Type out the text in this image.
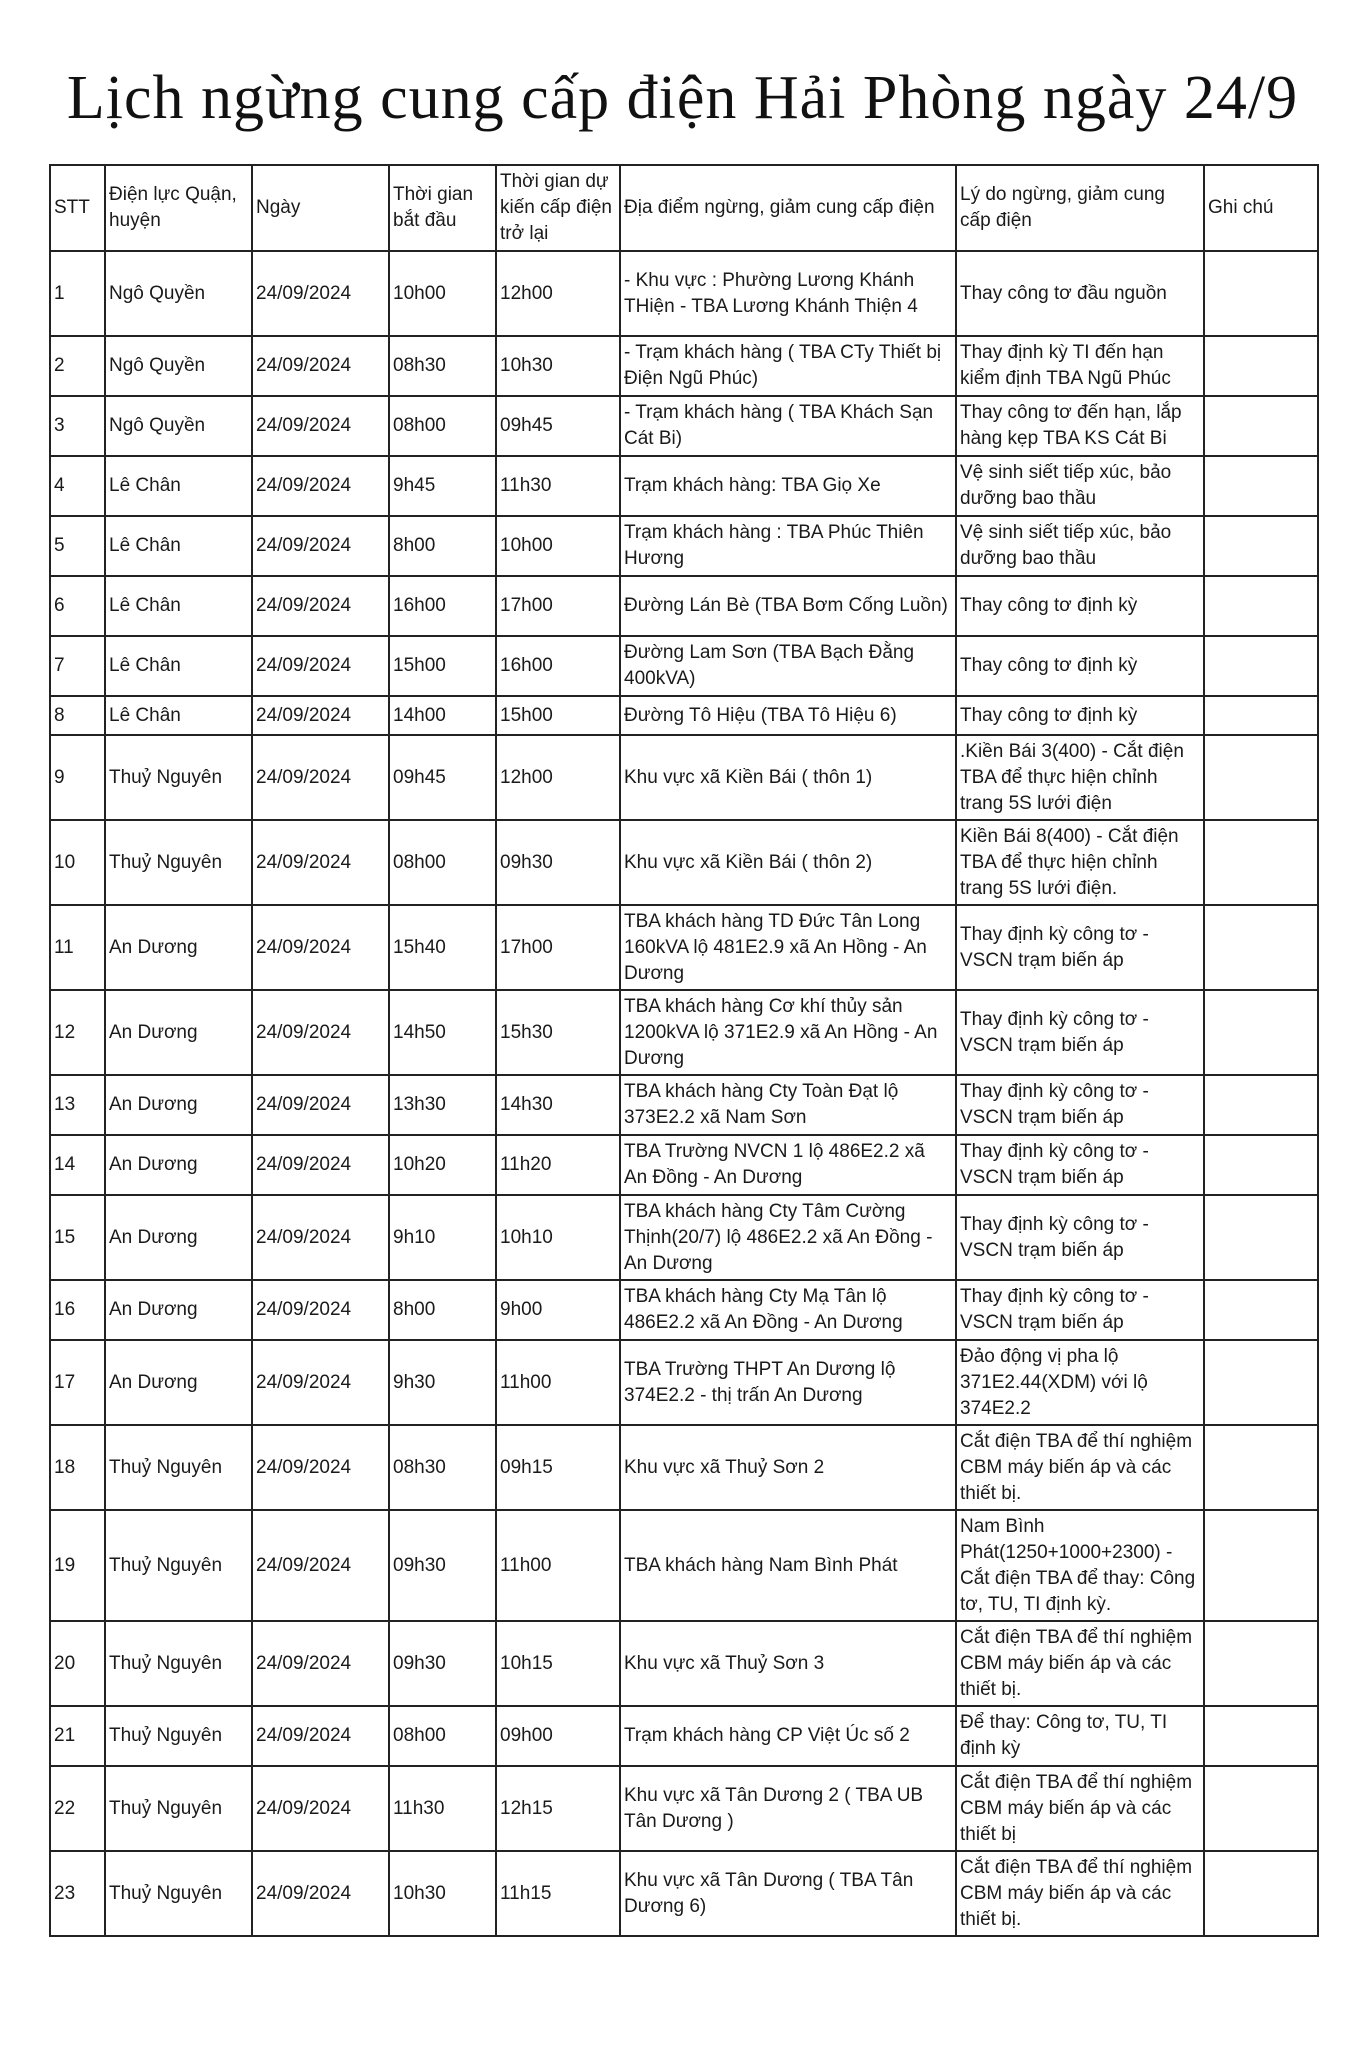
Lịch ngừng cung cấp điện Hải Phòng ngày 24/9
STT	Điện lực Quận, huyện	Ngày	Thời gian bắt đầu	Thời gian dự kiến cấp điện trở lại	Địa điểm ngừng, giảm cung cấp điện	Lý do ngừng, giảm cung cấp điện	Ghi chú
1	Ngô Quyền	24/09/2024	10h00	12h00	- Khu vực : Phường Lương Khánh THiện - TBA Lương Khánh Thiện 4	Thay công tơ đầu nguồn	
2	Ngô Quyền	24/09/2024	08h30	10h30	- Trạm khách hàng ( TBA CTy Thiết bị Điện Ngũ Phúc)	Thay định kỳ TI đến hạn kiểm định TBA Ngũ Phúc	
3	Ngô Quyền	24/09/2024	08h00	09h45	- Trạm khách hàng ( TBA Khách Sạn Cát Bi)	Thay công tơ đến hạn, lắp hàng kẹp TBA KS Cát Bi	
4	Lê Chân	24/09/2024	9h45	11h30	Trạm khách hàng: TBA Giọ Xe	Vệ sinh siết tiếp xúc, bảo dưỡng bao thầu	
5	Lê Chân	24/09/2024	8h00	10h00	Trạm khách hàng : TBA Phúc Thiên Hương	Vệ sinh siết tiếp xúc, bảo dưỡng bao thầu	
6	Lê Chân	24/09/2024	16h00	17h00	Đường Lán Bè (TBA Bơm Cống Luồn)	Thay công tơ định kỳ	
7	Lê Chân	24/09/2024	15h00	16h00	Đường Lam Sơn (TBA Bạch Đằng 400kVA)	Thay công tơ định kỳ	
8	Lê Chân	24/09/2024	14h00	15h00	Đường Tô Hiệu (TBA Tô Hiệu 6)	Thay công tơ định kỳ	
9	Thuỷ Nguyên	24/09/2024	09h45	12h00	Khu vực xã Kiền Bái ( thôn 1)	.Kiền Bái 3(400) - Cắt điện TBA để thực hiện chỉnh trang 5S lưới điện	
10	Thuỷ Nguyên	24/09/2024	08h00	09h30	Khu vực xã Kiền Bái ( thôn 2)	Kiền Bái 8(400) - Cắt điện TBA để thực hiện chỉnh trang 5S lưới điện.	
11	An Dương	24/09/2024	15h40	17h00	TBA khách hàng TD Đức Tân Long 160kVA lộ 481E2.9 xã An Hồng - An Dương	Thay định kỳ công tơ - VSCN trạm biến áp	
12	An Dương	24/09/2024	14h50	15h30	TBA khách hàng Cơ khí thủy sản 1200kVA lộ 371E2.9 xã An Hồng - An Dương	Thay định kỳ công tơ - VSCN trạm biến áp	
13	An Dương	24/09/2024	13h30	14h30	TBA khách hàng Cty Toàn Đạt lộ 373E2.2 xã Nam Sơn	Thay định kỳ công tơ - VSCN trạm biến áp	
14	An Dương	24/09/2024	10h20	11h20	TBA Trường NVCN 1 lộ 486E2.2 xã An Đồng - An Dương	Thay định kỳ công tơ - VSCN trạm biến áp	
15	An Dương	24/09/2024	9h10	10h10	TBA khách hàng Cty Tâm Cường Thịnh(20/7) lộ 486E2.2 xã An Đồng - An Dương	Thay định kỳ công tơ - VSCN trạm biến áp	
16	An Dương	24/09/2024	8h00	9h00	TBA khách hàng Cty Mạ Tân lộ 486E2.2 xã An Đồng - An Dương	Thay định kỳ công tơ - VSCN trạm biến áp	
17	An Dương	24/09/2024	9h30	11h00	TBA Trường THPT An Dương lộ 374E2.2 - thị trấn An Dương	Đảo động vị pha lộ 371E2.44(XDM) với lộ 374E2.2	
18	Thuỷ Nguyên	24/09/2024	08h30	09h15	Khu vực xã Thuỷ Sơn 2	Cắt điện TBA để thí nghiệm CBM máy biến áp và các thiết bị.	
19	Thuỷ Nguyên	24/09/2024	09h30	11h00	TBA khách hàng Nam Bình Phát	Nam Bình Phát(1250+1000+2300) - Cắt điện TBA để thay: Công tơ, TU, TI định kỳ.	
20	Thuỷ Nguyên	24/09/2024	09h30	10h15	Khu vực xã Thuỷ Sơn 3	Cắt điện TBA để thí nghiệm CBM máy biến áp và các thiết bị.	
21	Thuỷ Nguyên	24/09/2024	08h00	09h00	Trạm khách hàng CP Việt Úc số 2	Để thay: Công tơ, TU, TI định kỳ	
22	Thuỷ Nguyên	24/09/2024	11h30	12h15	Khu vực xã Tân Dương 2 ( TBA UB Tân Dương )	Cắt điện TBA để thí nghiệm CBM máy biến áp và các thiết bị	
23	Thuỷ Nguyên	24/09/2024	10h30	11h15	Khu vực xã Tân Dương ( TBA Tân Dương 6)	Cắt điện TBA để thí nghiệm CBM máy biến áp và các thiết bị.	
